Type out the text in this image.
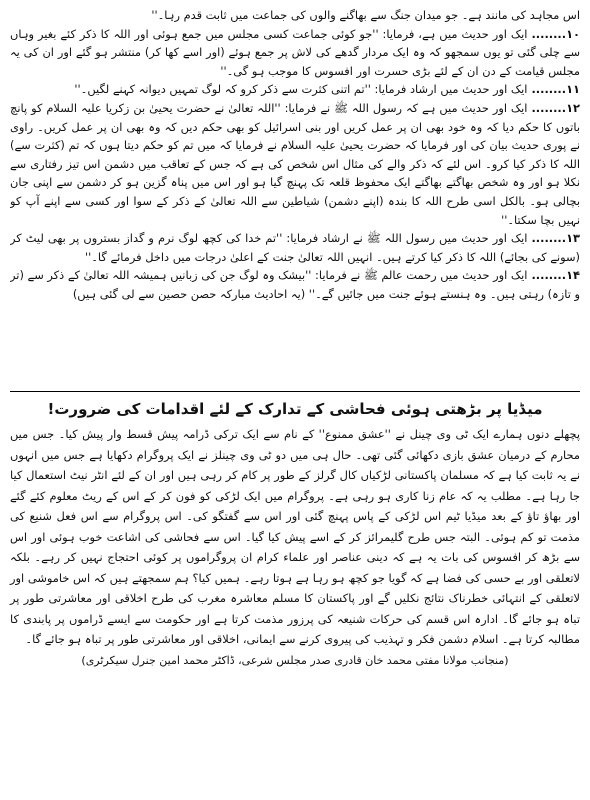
اس مجاہد کی مانند ہے۔ جو میدان جنگ سے بھاگنے والوں کی جماعت میں ثابت قدم رہا۔''

۱۰........ایک اور حدیث میں ہے، فرمایا: ''جو کوئی جماعت کسی مجلس میں جمع ہوئی اور اللہ کا ذکر کئے بغیر وہاں سے چلی گئی تو یوں سمجھو کہ وہ ایک مردار گدھے کی لاش پر جمع ہوئے (اور اسے کھا کر) منتشر ہو گئے اور ان کی یہ مجلس قیامت کے دن ان کے لئے بڑی حسرت اور افسوس کا موجب ہو گی۔''

۱۱........ایک اور حدیث میں ارشاد فرمایا: ''تم اتنی کثرت سے ذکر کرو کہ لوگ تمہیں دیوانہ کہنے لگیں۔''

۱۲........ایک اور حدیث میں ہے کہ رسول اللہ ﷺ نے فرمایا: ''اللہ تعالیٰ نے حضرت یحییٰ بن زکریا علیہ السلام کو پانچ باتوں کا حکم دیا کہ وہ خود بھی ان پر عمل کریں اور بنی اسرائیل کو بھی حکم دیں کہ وہ بھی ان پر عمل کریں۔ راوی نے پوری حدیث بیان کی اور فرمایا کہ حضرت یحییٰ علیہ السلام نے فرمایا کہ میں تم کو حکم دیتا ہوں کہ تم (کثرت سے) اللہ کا ذکر کیا کرو۔ اس لئے کہ ذکر والے کی مثال اس شخص کی ہے کہ جس کے تعاقب میں دشمن اس تیز رفتاری سے نکلا ہو اور وہ شخص بھاگتے بھاگتے ایک محفوظ قلعہ تک پہنچ گیا ہو اور اس میں پناہ گزین ہو کر دشمن سے اپنی جان بچالی ہو۔ بالکل اسی طرح اللہ کا بندہ (اپنے دشمن) شیاطین سے اللہ تعالیٰ کے ذکر کے سوا اور کسی سے اپنے آپ کو نہیں بچا سکتا۔''

۱۳........ایک اور حدیث میں رسول اللہ ﷺ نے ارشاد فرمایا: ''تم خدا کی کچھ لوگ نرم و گداز بستروں پر بھی لیٹ کر (سونے کی بجائے) اللہ کا ذکر کیا کرتے ہیں۔ انہیں اللہ تعالیٰ جنت کے اعلیٰ درجات میں داخل فرمائے گا۔''

۱۴........ایک اور حدیث میں رحمت عالم ﷺ نے فرمایا: ''بیشک وہ لوگ جن کی زبانیں ہمیشہ اللہ تعالیٰ کے ذکر سے (تر و تازہ) رہتی ہیں۔ وہ ہنستے ہوئے جنت میں جائیں گے۔'' (یہ احادیث مبارکہ حصن حصین سے لی گئی ہیں)

میڈیا پر بڑھتی ہوئی فحاشی کے تدارک کے لئے اقدامات کی ضرورت!

پچھلے دنوں ہمارے ایک ٹی وی چینل نے ''عشق ممنوع'' کے نام سے ایک ترکی ڈرامہ پیش قسط وار پیش کیا۔ جس میں محارم کے درمیان عشق بازی دکھائی گئی تھی۔ حال ہی میں دو ٹی وی چینلز نے ایک پروگرام دکھایا ہے جس میں انہوں نے یہ ثابت کیا ہے کہ مسلمان پاکستانی لڑکیاں کال گرلز کے طور پر کام کر رہی ہیں اور ان کے لئے انٹر نیٹ استعمال کیا جا رہا ہے۔ مطلب یہ کہ عام زنا کاری ہو رہی ہے۔ پروگرام میں ایک لڑکی کو فون کر کے اس کے ریٹ معلوم کئے گئے اور بھاؤ تاؤ کے بعد میڈیا ٹیم اس لڑکی کے پاس پہنچ گئی اور اس سے گفتگو کی۔ اس پروگرام سے اس فعل شنیع کی مذمت تو کم ہوئی۔ البتہ جس طرح گلیمرائز کر کے اسے پیش کیا گیا۔ اس سے فحاشی کی اشاعت خوب ہوئی اور اس سے بڑھ کر افسوس کی بات یہ ہے کہ دینی عناصر اور علماء کرام ان پروگراموں پر کوئی احتجاج نہیں کر رہے۔ بلکہ لاتعلقی اور بے حسی کی فضا ہے کہ گویا جو کچھ ہو رہا ہے ہوتا رہے۔ ہمیں کیا؟ ہم سمجھتے ہیں کہ اس خاموشی اور لاتعلقی کے انتہائی خطرناک نتائج نکلیں گے اور پاکستان کا مسلم معاشرہ مغرب کی طرح اخلاقی اور معاشرتی طور پر تباہ ہو جائے گا۔ ادارہ اس قسم کی حرکات شنیعہ کی پرزور مذمت کرتا ہے اور حکومت سے ایسے ڈراموں پر پابندی کا مطالبہ کرتا ہے۔ اسلام دشمن فکر و تہذیب کی پیروی کرنے سے ایمانی، اخلاقی اور معاشرتی طور پر تباہ ہو جائے گا۔

(منجانب مولانا مفتی محمد خان قادری صدر مجلس شرعی، ڈاکٹر محمد امین جنرل سیکرٹری)
